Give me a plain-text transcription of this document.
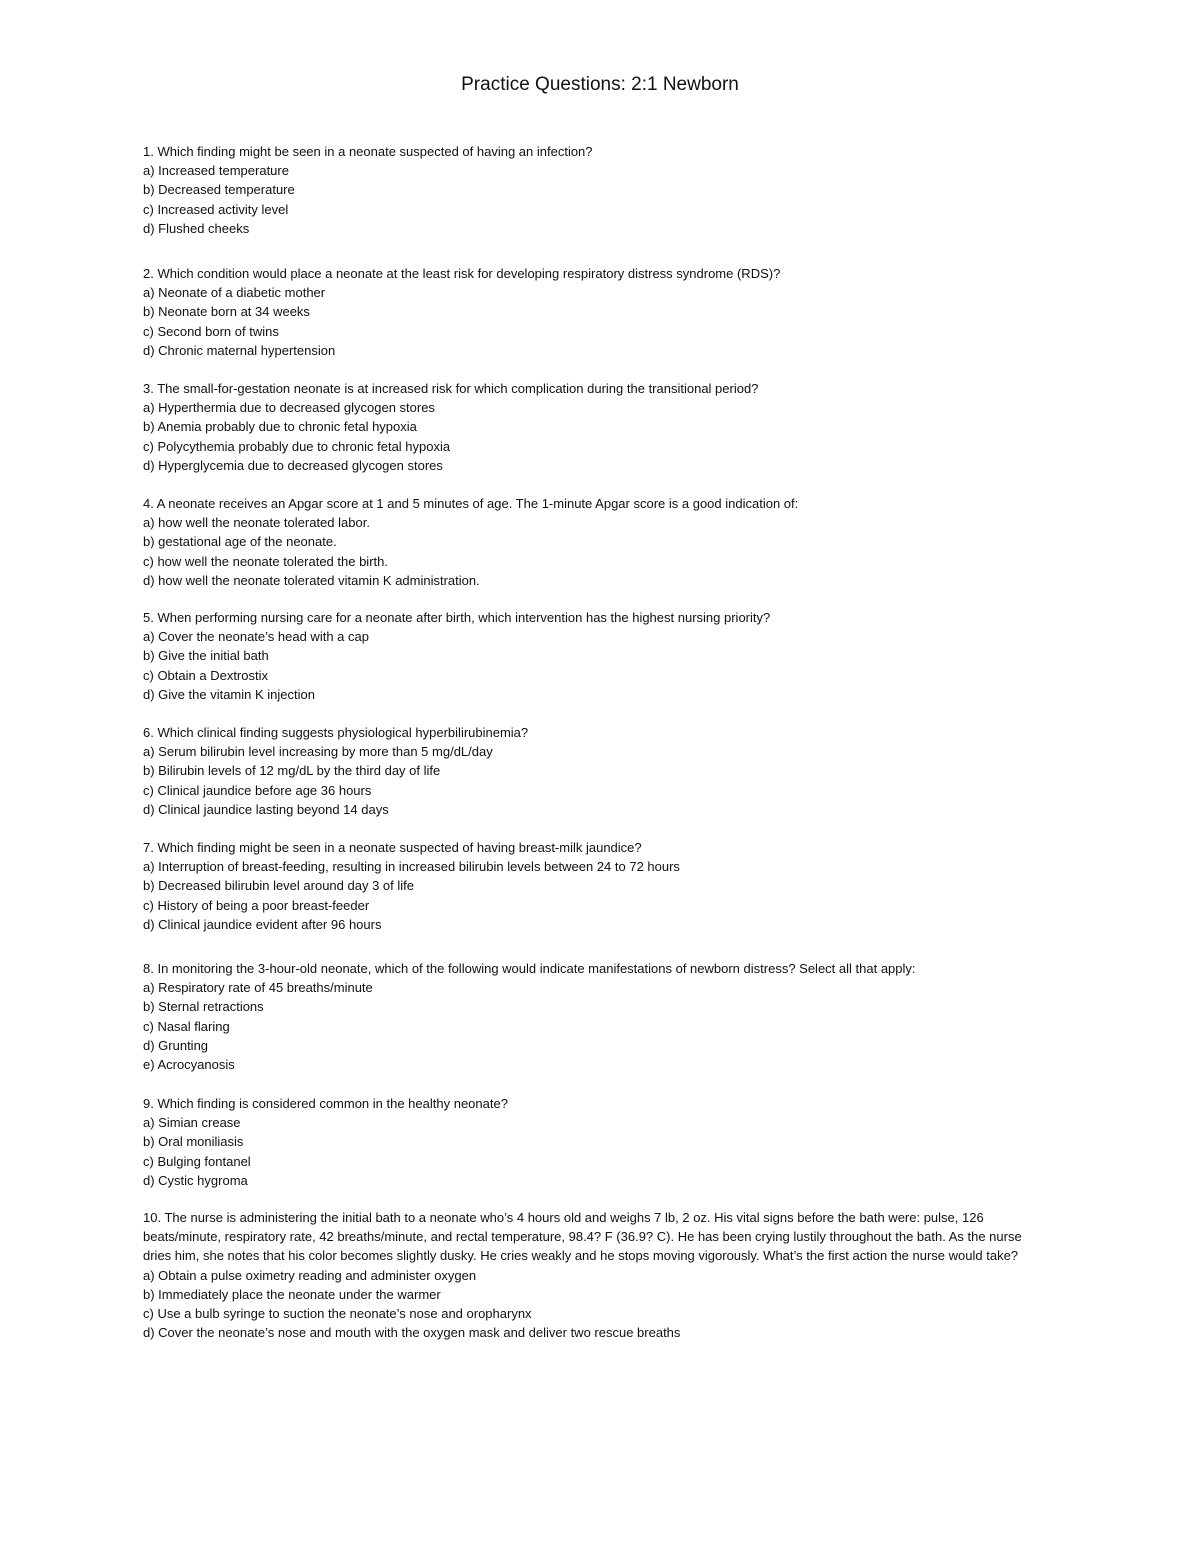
Practice Questions: 2:1 Newborn
1. Which finding might be seen in a neonate suspected of having an infection?
a) Increased temperature
b) Decreased temperature
c) Increased activity level
d) Flushed cheeks
2. Which condition would place a neonate at the least risk for developing respiratory distress syndrome (RDS)?
a) Neonate of a diabetic mother
b) Neonate born at 34 weeks
c) Second born of twins
d) Chronic maternal hypertension
3. The small-for-gestation neonate is at increased risk for which complication during the transitional period?
a) Hyperthermia due to decreased glycogen stores
b) Anemia probably due to chronic fetal hypoxia
c) Polycythemia probably due to chronic fetal hypoxia
d) Hyperglycemia due to decreased glycogen stores
4. A neonate receives an Apgar score at 1 and 5 minutes of age. The 1-minute Apgar score is a good indication of:
a) how well the neonate tolerated labor.
b) gestational age of the neonate.
c) how well the neonate tolerated the birth.
d) how well the neonate tolerated vitamin K administration.
5. When performing nursing care for a neonate after birth, which intervention has the highest nursing priority?
a) Cover the neonate’s head with a cap
b) Give the initial bath
c) Obtain a Dextrostix
d) Give the vitamin K injection
6. Which clinical finding suggests physiological hyperbilirubinemia?
a) Serum bilirubin level increasing by more than 5 mg/dL/day
b) Bilirubin levels of 12 mg/dL by the third day of life
c) Clinical jaundice before age 36 hours
d) Clinical jaundice lasting beyond 14 days
7. Which finding might be seen in a neonate suspected of having breast-milk jaundice?
a) Interruption of breast-feeding, resulting in increased bilirubin levels between 24 to 72 hours
b) Decreased bilirubin level around day 3 of life
c) History of being a poor breast-feeder
d) Clinical jaundice evident after 96 hours
8. In monitoring the 3-hour-old neonate, which of the following would indicate manifestations of newborn distress? Select all that apply:
a) Respiratory rate of 45 breaths/minute
b) Sternal retractions
c) Nasal flaring
d) Grunting
e) Acrocyanosis
9. Which finding is considered common in the healthy neonate?
a) Simian crease
b) Oral moniliasis
c) Bulging fontanel
d) Cystic hygroma
10. The nurse is administering the initial bath to a neonate who’s 4 hours old and weighs 7 lb, 2 oz. His vital signs before the bath were: pulse, 126 beats/minute, respiratory rate, 42 breaths/minute, and rectal temperature, 98.4? F (36.9? C). He has been crying lustily throughout the bath. As the nurse dries him, she notes that his color becomes slightly dusky. He cries weakly and he stops moving vigorously. What’s the first action the nurse would take?
a) Obtain a pulse oximetry reading and administer oxygen
b) Immediately place the neonate under the warmer
c) Use a bulb syringe to suction the neonate’s nose and oropharynx
d) Cover the neonate’s nose and mouth with the oxygen mask and deliver two rescue breaths
